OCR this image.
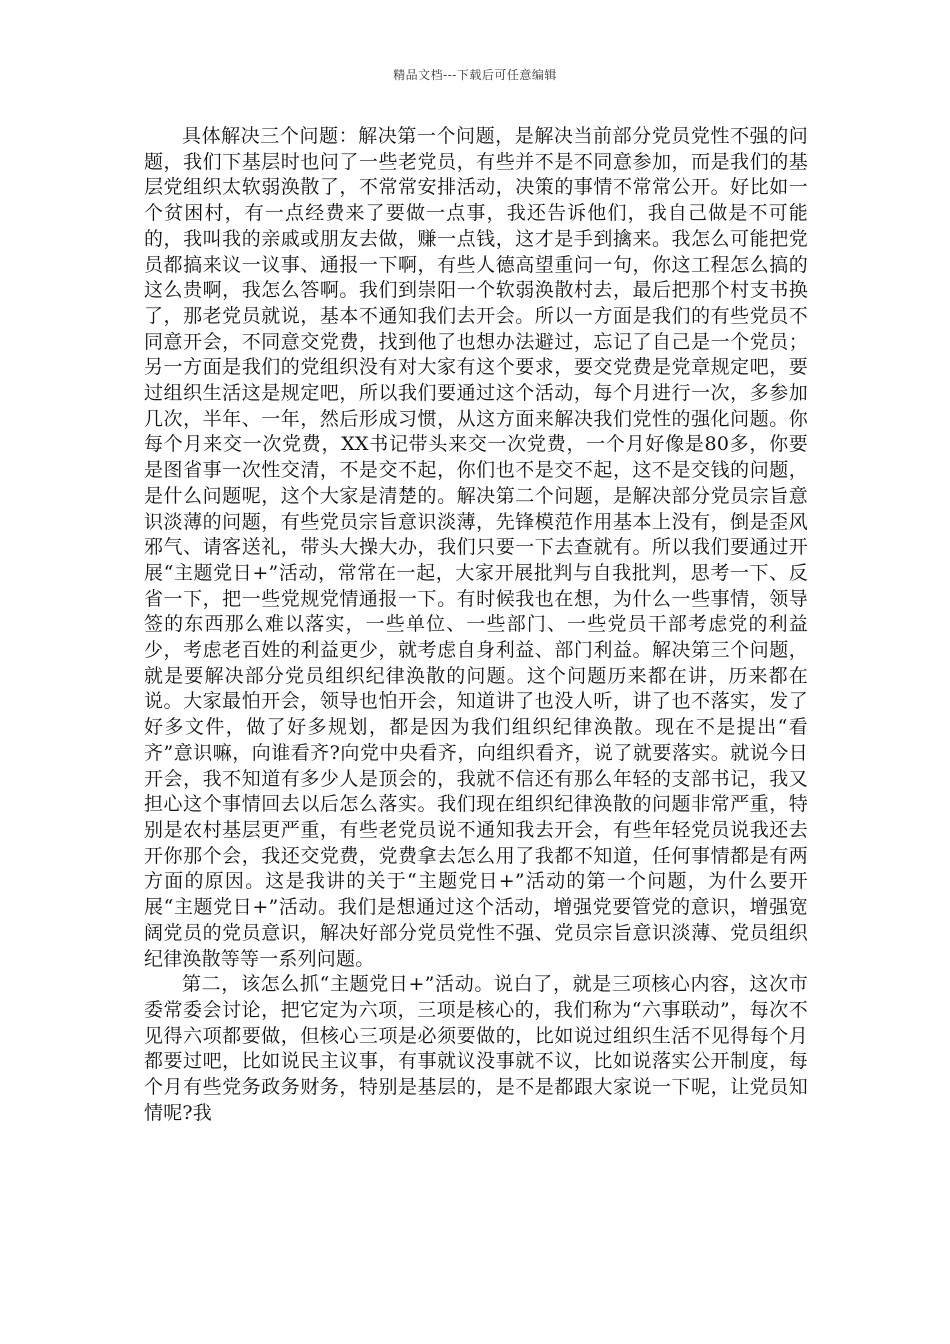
精品文档---下载后可任意编辑

具体解决三个问题：解决第一个问题，是解决当前部分党员党性不强的问题，我们下基层时也问了一些老党员，有些并不是不同意参加，而是我们的基层党组织太软弱涣散了，不常常安排活动，决策的事情不常常公开。好比如一个贫困村，有一点经费来了要做一点事，我还告诉他们，我自己做是不可能的，我叫我的亲戚或朋友去做，赚一点钱，这才是手到擒来。我怎么可能把党员都搞来议一议事、通报一下啊，有些人德高望重问一句，你这工程怎么搞的这么贵啊，我怎么答啊。我们到崇阳一个软弱涣散村去，最后把那个村支书换了，那老党员就说，基本不通知我们去开会。所以一方面是我们的有些党员不同意开会，不同意交党费，找到他了也想办法避过，忘记了自己是一个党员；另一方面是我们的党组织没有对大家有这个要求，要交党费是党章规定吧，要过组织生活这是规定吧，所以我们要通过这个活动，每个月进行一次，多参加几次，半年、一年，然后形成习惯，从这方面来解决我们党性的强化问题。你每个月来交一次党费，XX书记带头来交一次党费，一个月好像是80多，你要是图省事一次性交清，不是交不起，你们也不是交不起，这不是交钱的问题，是什么问题呢，这个大家是清楚的。解决第二个问题，是解决部分党员宗旨意识淡薄的问题，有些党员宗旨意识淡薄，先锋模范作用基本上没有，倒是歪风邪气、请客送礼，带头大操大办，我们只要一下去查就有。所以我们要通过开展“主题党日+”活动，常常在一起，大家开展批判与自我批判，思考一下、反省一下，把一些党规党情通报一下。有时候我也在想，为什么一些事情，领导签的东西那么难以落实，一些单位、一些部门、一些党员干部考虑党的利益少，考虑老百姓的利益更少，就考虑自身利益、部门利益。解决第三个问题，就是要解决部分党员组织纪律涣散的问题。这个问题历来都在讲，历来都在说。大家最怕开会，领导也怕开会，知道讲了也没人听，讲了也不落实，发了好多文件，做了好多规划，都是因为我们组织纪律涣散。现在不是提出“看齐”意识嘛，向谁看齐?向党中央看齐，向组织看齐，说了就要落实。就说今日开会，我不知道有多少人是顶会的，我就不信还有那么年轻的支部书记，我又担心这个事情回去以后怎么落实。我们现在组织纪律涣散的问题非常严重，特别是农村基层更严重，有些老党员说不通知我去开会，有些年轻党员说我还去开你那个会，我还交党费，党费拿去怎么用了我都不知道，任何事情都是有两方面的原因。这是我讲的关于“主题党日+”活动的第一个问题，为什么要开展“主题党日+”活动。我们是想通过这个活动，增强党要管党的意识，增强宽阔党员的党员意识，解决好部分党员党性不强、党员宗旨意识淡薄、党员组织纪律涣散等等一系列问题。

第二，该怎么抓“主题党日+”活动。说白了，就是三项核心内容，这次市委常委会讨论，把它定为六项，三项是核心的，我们称为“六事联动”，每次不见得六项都要做，但核心三项是必须要做的，比如说过组织生活不见得每个月都要过吧，比如说民主议事，有事就议没事就不议，比如说落实公开制度，每个月有些党务政务财务，特别是基层的，是不是都跟大家说一下呢，让党员知情呢?我
